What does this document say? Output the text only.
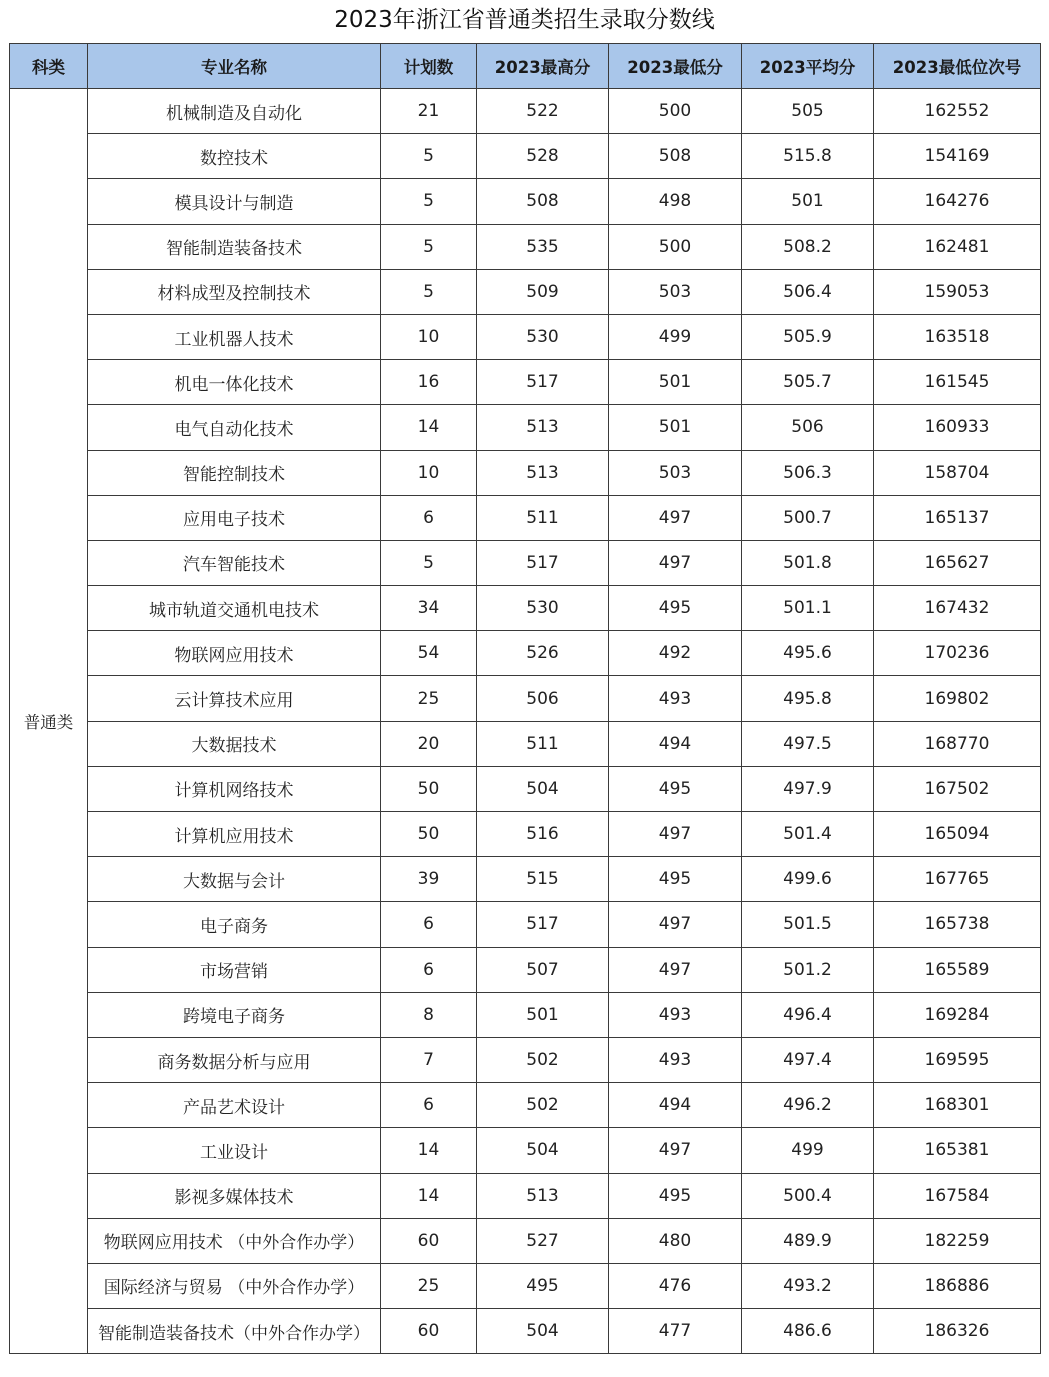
2023年浙江省普通类招生录取分数线
科类	专业名称	计划数	2023最高分	2023最低分	2023平均分	2023最低位次号
普通类	机械制造及自动化	21	522	500	505	162552
	数控技术	5	528	508	515.8	154169
	模具设计与制造	5	508	498	501	164276
	智能制造装备技术	5	535	500	508.2	162481
	材料成型及控制技术	5	509	503	506.4	159053
	工业机器人技术	10	530	499	505.9	163518
	机电一体化技术	16	517	501	505.7	161545
	电气自动化技术	14	513	501	506	160933
	智能控制技术	10	513	503	506.3	158704
	应用电子技术	6	511	497	500.7	165137
	汽车智能技术	5	517	497	501.8	165627
	城市轨道交通机电技术	34	530	495	501.1	167432
	物联网应用技术	54	526	492	495.6	170236
	云计算技术应用	25	506	493	495.8	169802
	大数据技术	20	511	494	497.5	168770
	计算机网络技术	50	504	495	497.9	167502
	计算机应用技术	50	516	497	501.4	165094
	大数据与会计	39	515	495	499.6	167765
	电子商务	6	517	497	501.5	165738
	市场营销	6	507	497	501.2	165589
	跨境电子商务	8	501	493	496.4	169284
	商务数据分析与应用	7	502	493	497.4	169595
	产品艺术设计	6	502	494	496.2	168301
	工业设计	14	504	497	499	165381
	影视多媒体技术	14	513	495	500.4	167584
	物联网应用技术 （中外合作办学）	60	527	480	489.9	182259
	国际经济与贸易 （中外合作办学）	25	495	476	493.2	186886
	智能制造装备技术（中外合作办学）	60	504	477	486.6	186326
